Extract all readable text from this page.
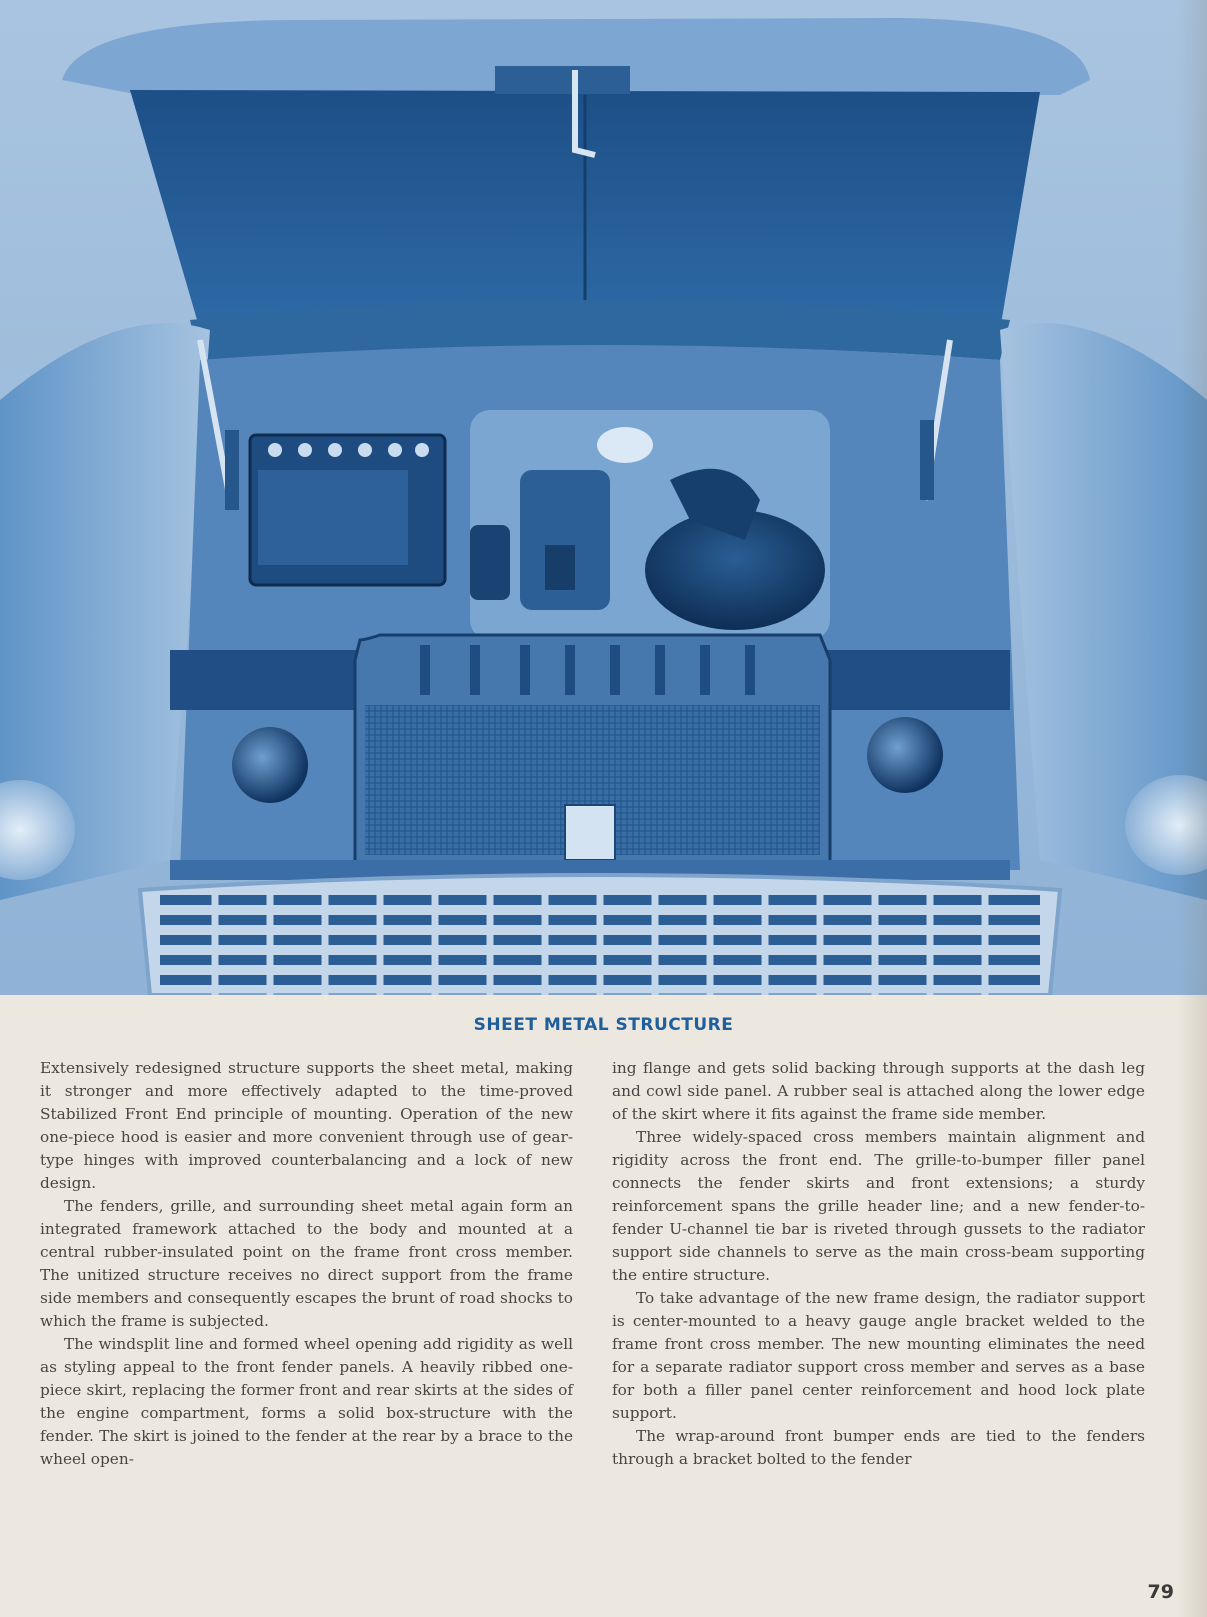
SHEET METAL STRUCTURE

Extensively redesigned structure supports the sheet metal, making it stronger and more effectively adapted to the time-proved Stabilized Front End principle of mounting. Operation of the new one-piece hood is easier and more convenient through use of gear-type hinges with improved counterbalancing and a lock of new design.

The fenders, grille, and surrounding sheet metal again form an integrated framework attached to the body and mounted at a central rubber-insulated point on the frame front cross member. The unitized structure receives no direct support from the frame side members and consequently escapes the brunt of road shocks to which the frame is subjected.

The windsplit line and formed wheel opening add rigidity as well as styling appeal to the front fender panels. A heavily ribbed one-piece skirt, replacing the former front and rear skirts at the sides of the engine compartment, forms a solid box-structure with the fender. The skirt is joined to the fender at the rear by a brace to the wheel open-

ing flange and gets solid backing through supports at the dash leg and cowl side panel. A rubber seal is attached along the lower edge of the skirt where it fits against the frame side member.

Three widely-spaced cross members maintain alignment and rigidity across the front end. The grille-to-bumper filler panel connects the fender skirts and front extensions; a sturdy reinforcement spans the grille header line; and a new fender-to-fender U-channel tie bar is riveted through gussets to the radiator support side channels to serve as the main cross-beam supporting the entire structure.

To take advantage of the new frame design, the radiator support is center-mounted to a heavy gauge angle bracket welded to the frame front cross member. The new mounting eliminates the need for a separate radiator support cross member and serves as a base for both a filler panel center reinforcement and hood lock plate support.

The wrap-around front bumper ends are tied to the fenders through a bracket bolted to the fender

79
